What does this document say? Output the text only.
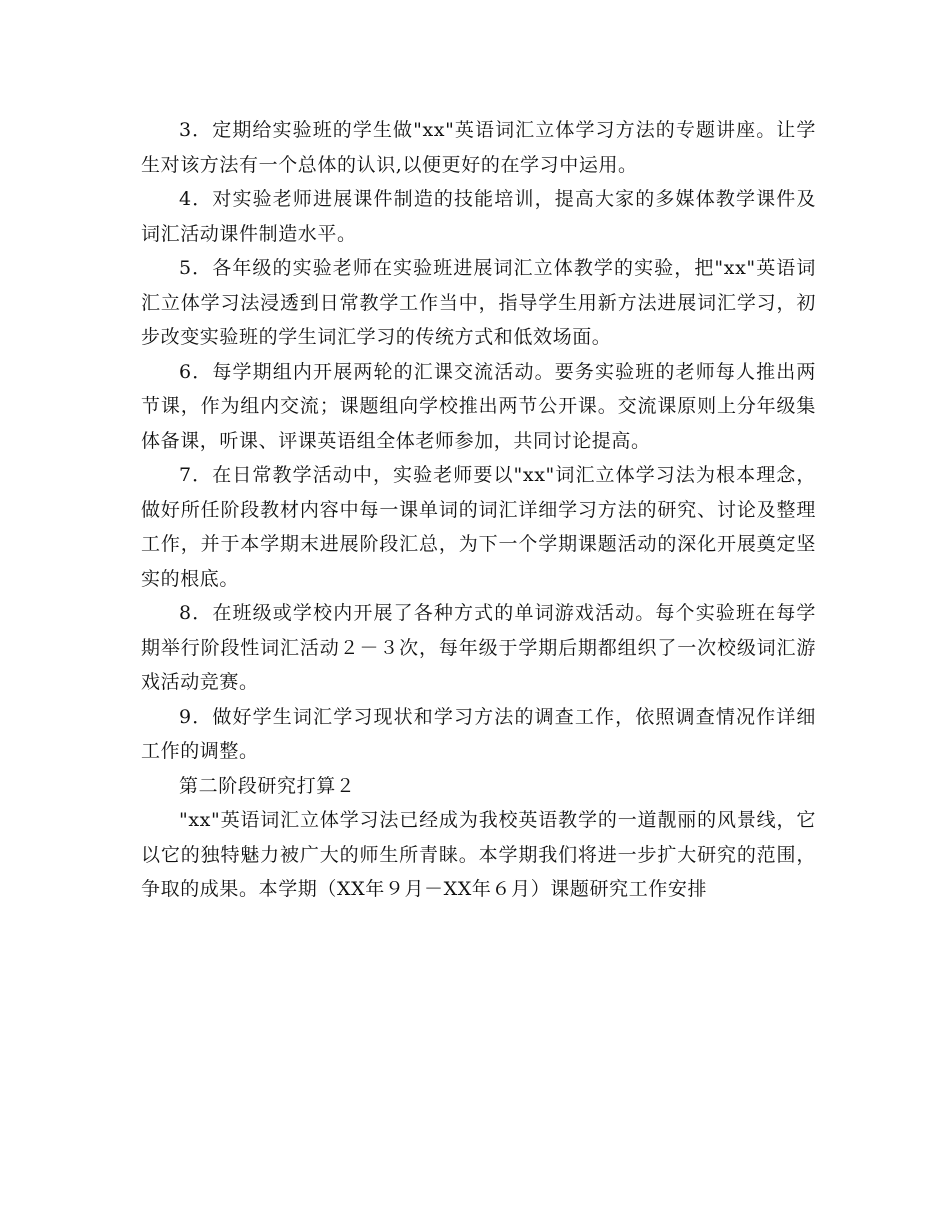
3．定期给实验班的学生做"xx"英语词汇立体学习方法的专题讲座。让学生对该方法有一个总体的认识,以便更好的在学习中运用。

4．对实验老师进展课件制造的技能培训，提高大家的多媒体教学课件及词汇活动课件制造水平。

5．各年级的实验老师在实验班进展词汇立体教学的实验，把"xx"英语词汇立体学习法浸透到日常教学工作当中，指导学生用新方法进展词汇学习，初步改变实验班的学生词汇学习的传统方式和低效场面。

6．每学期组内开展两轮的汇课交流活动。要务实验班的老师每人推出两节课，作为组内交流；课题组向学校推出两节公开课。交流课原则上分年级集体备课，听课、评课英语组全体老师参加，共同讨论提高。

7．在日常教学活动中，实验老师要以"xx"词汇立体学习法为根本理念，做好所任阶段教材内容中每一课单词的词汇详细学习方法的研究、讨论及整理工作，并于本学期末进展阶段汇总，为下一个学期课题活动的深化开展奠定坚实的根底。

8．在班级或学校内开展了各种方式的单词游戏活动。每个实验班在每学期举行阶段性词汇活动２－３次，每年级于学期后期都组织了一次校级词汇游戏活动竞赛。

9．做好学生词汇学习现状和学习方法的调查工作，依照调查情况作详细工作的调整。

第二阶段研究打算２

"xx"英语词汇立体学习法已经成为我校英语教学的一道靓丽的风景线，它以它的独特魅力被广大的师生所青睐。本学期我们将进一步扩大研究的范围，争取的成果。本学期（XX年９月－XX年６月）课题研究工作安排
